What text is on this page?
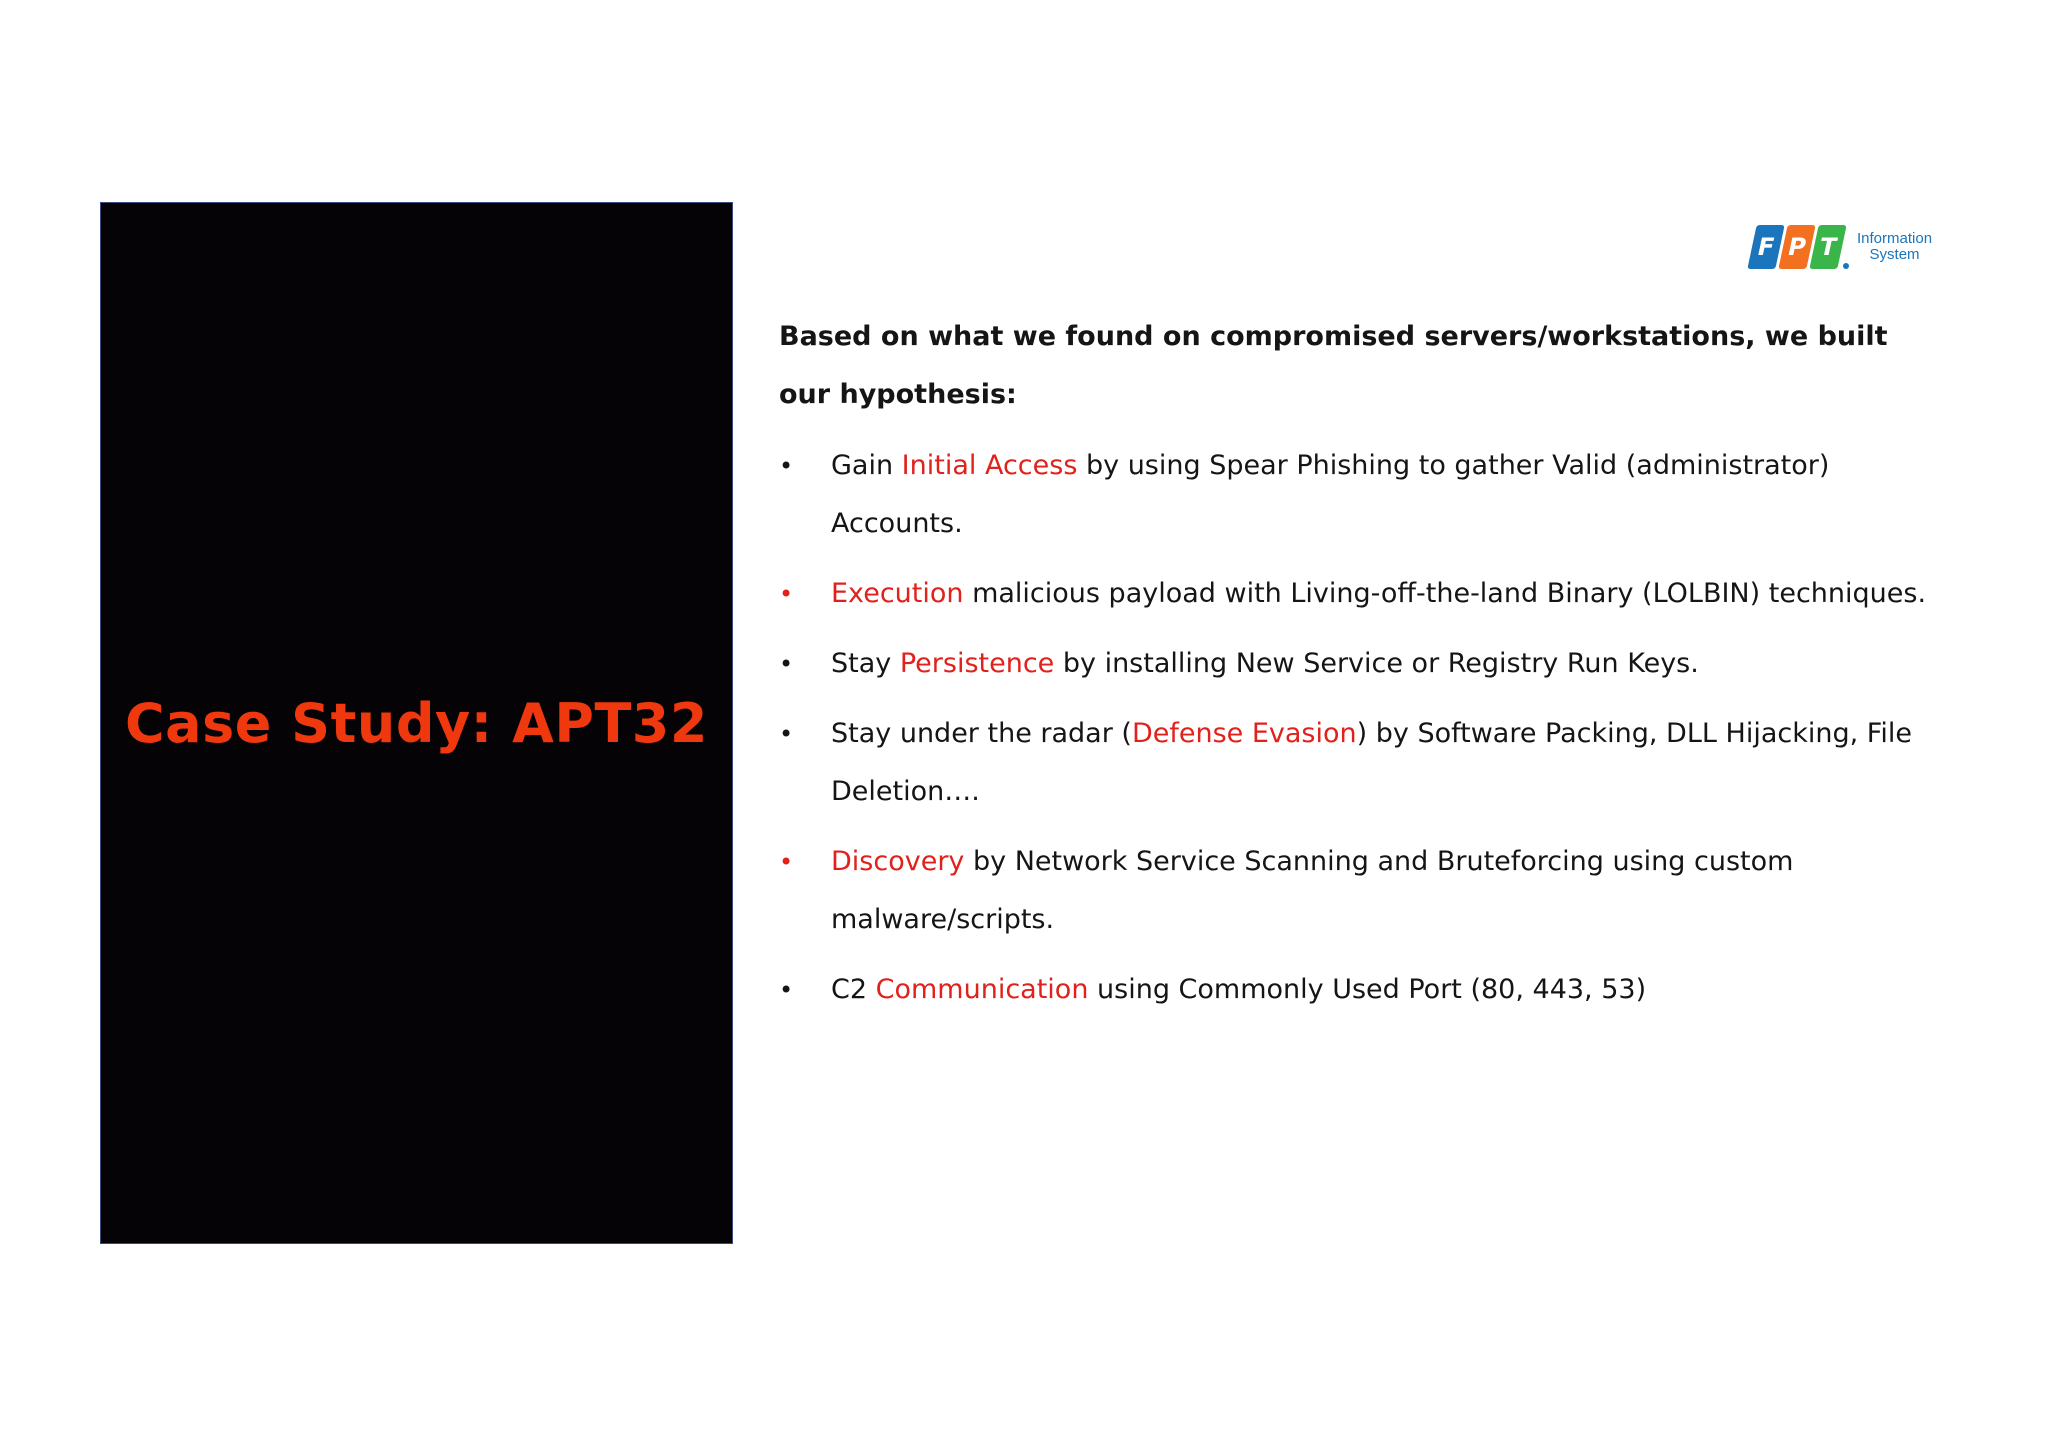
Case Study: APT32
F P T	Information
System

Based on what we found on compromised servers/workstations, we built our hypothesis:

• Gain Initial Access by using Spear Phishing to gather Valid (administrator) Accounts.
• Execution malicious payload with Living-off-the-land Binary (LOLBIN) techniques.
• Stay Persistence by installing New Service or Registry Run Keys.
• Stay under the radar (Defense Evasion) by Software Packing, DLL Hijacking, File Deletion….
• Discovery by Network Service Scanning and Bruteforcing using custom malware/scripts.
• C2 Communication using Commonly Used Port (80, 443, 53)
